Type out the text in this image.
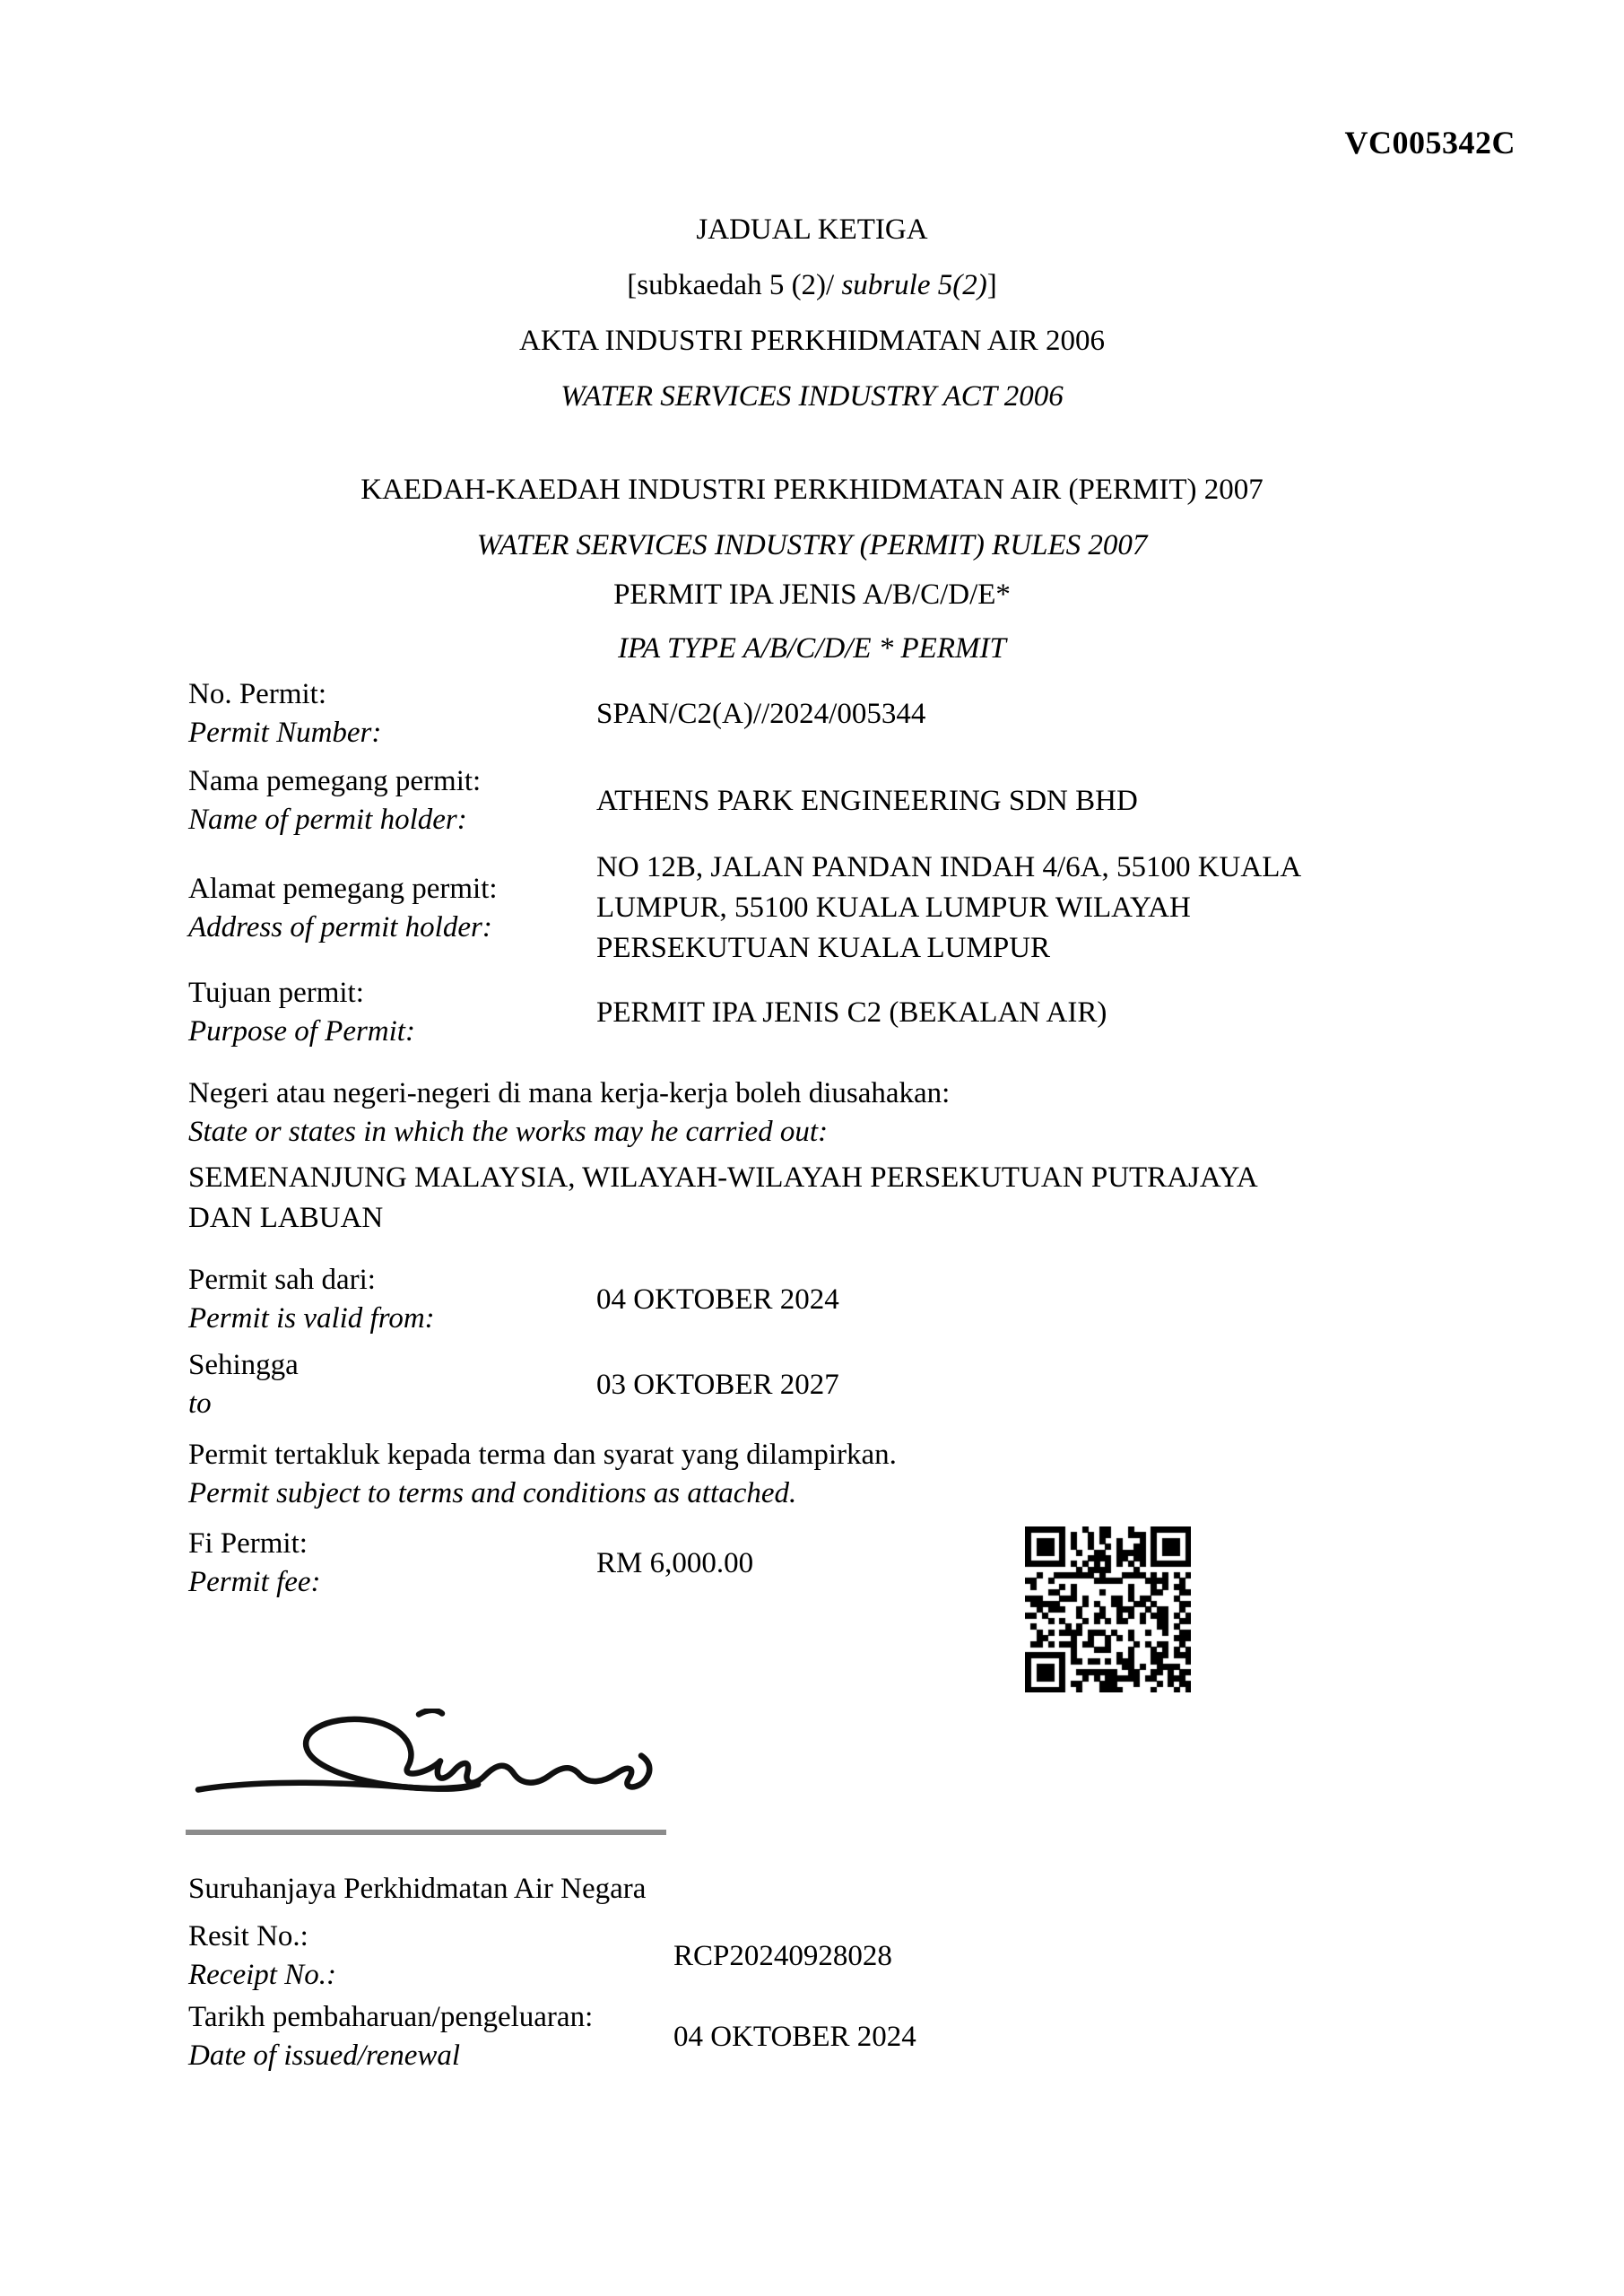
VC005342C
JADUAL KETIGA
[subkaedah 5 (2)/ subrule 5(2)]
AKTA INDUSTRI PERKHIDMATAN AIR 2006
WATER SERVICES INDUSTRY ACT 2006
KAEDAH-KAEDAH INDUSTRI PERKHIDMATAN AIR (PERMIT) 2007
WATER SERVICES INDUSTRY (PERMIT) RULES 2007
PERMIT IPA JENIS A/B/C/D/E*
IPA TYPE A/B/C/D/E * PERMIT
No. Permit:
Permit Number:
SPAN/C2(A)//2024/005344
Nama pemegang permit:
Name of permit holder:
ATHENS PARK ENGINEERING SDN BHD
Alamat pemegang permit:
Address of permit holder:
NO 12B, JALAN PANDAN INDAH 4/6A, 55100 KUALA LUMPUR, 55100 KUALA LUMPUR WILAYAH PERSEKUTUAN KUALA LUMPUR
Tujuan permit:
Purpose of Permit:
PERMIT IPA JENIS C2 (BEKALAN AIR)
Negeri atau negeri-negeri di mana kerja-kerja boleh diusahakan:
State or states in which the works may he carried out:
SEMENANJUNG MALAYSIA, WILAYAH-WILAYAH PERSEKUTUAN PUTRAJAYA DAN LABUAN
Permit sah dari:
Permit is valid from:
04 OKTOBER 2024
Sehingga
to
03 OKTOBER 2027
Permit tertakluk kepada terma dan syarat yang dilampirkan.
Permit subject to terms and conditions as attached.
Fi Permit:
Permit fee:
RM 6,000.00
Suruhanjaya Perkhidmatan Air Negara
Resit No.:
Receipt No.:
RCP20240928028
Tarikh pembaharuan/pengeluaran:
Date of issued/renewal
04 OKTOBER 2024
